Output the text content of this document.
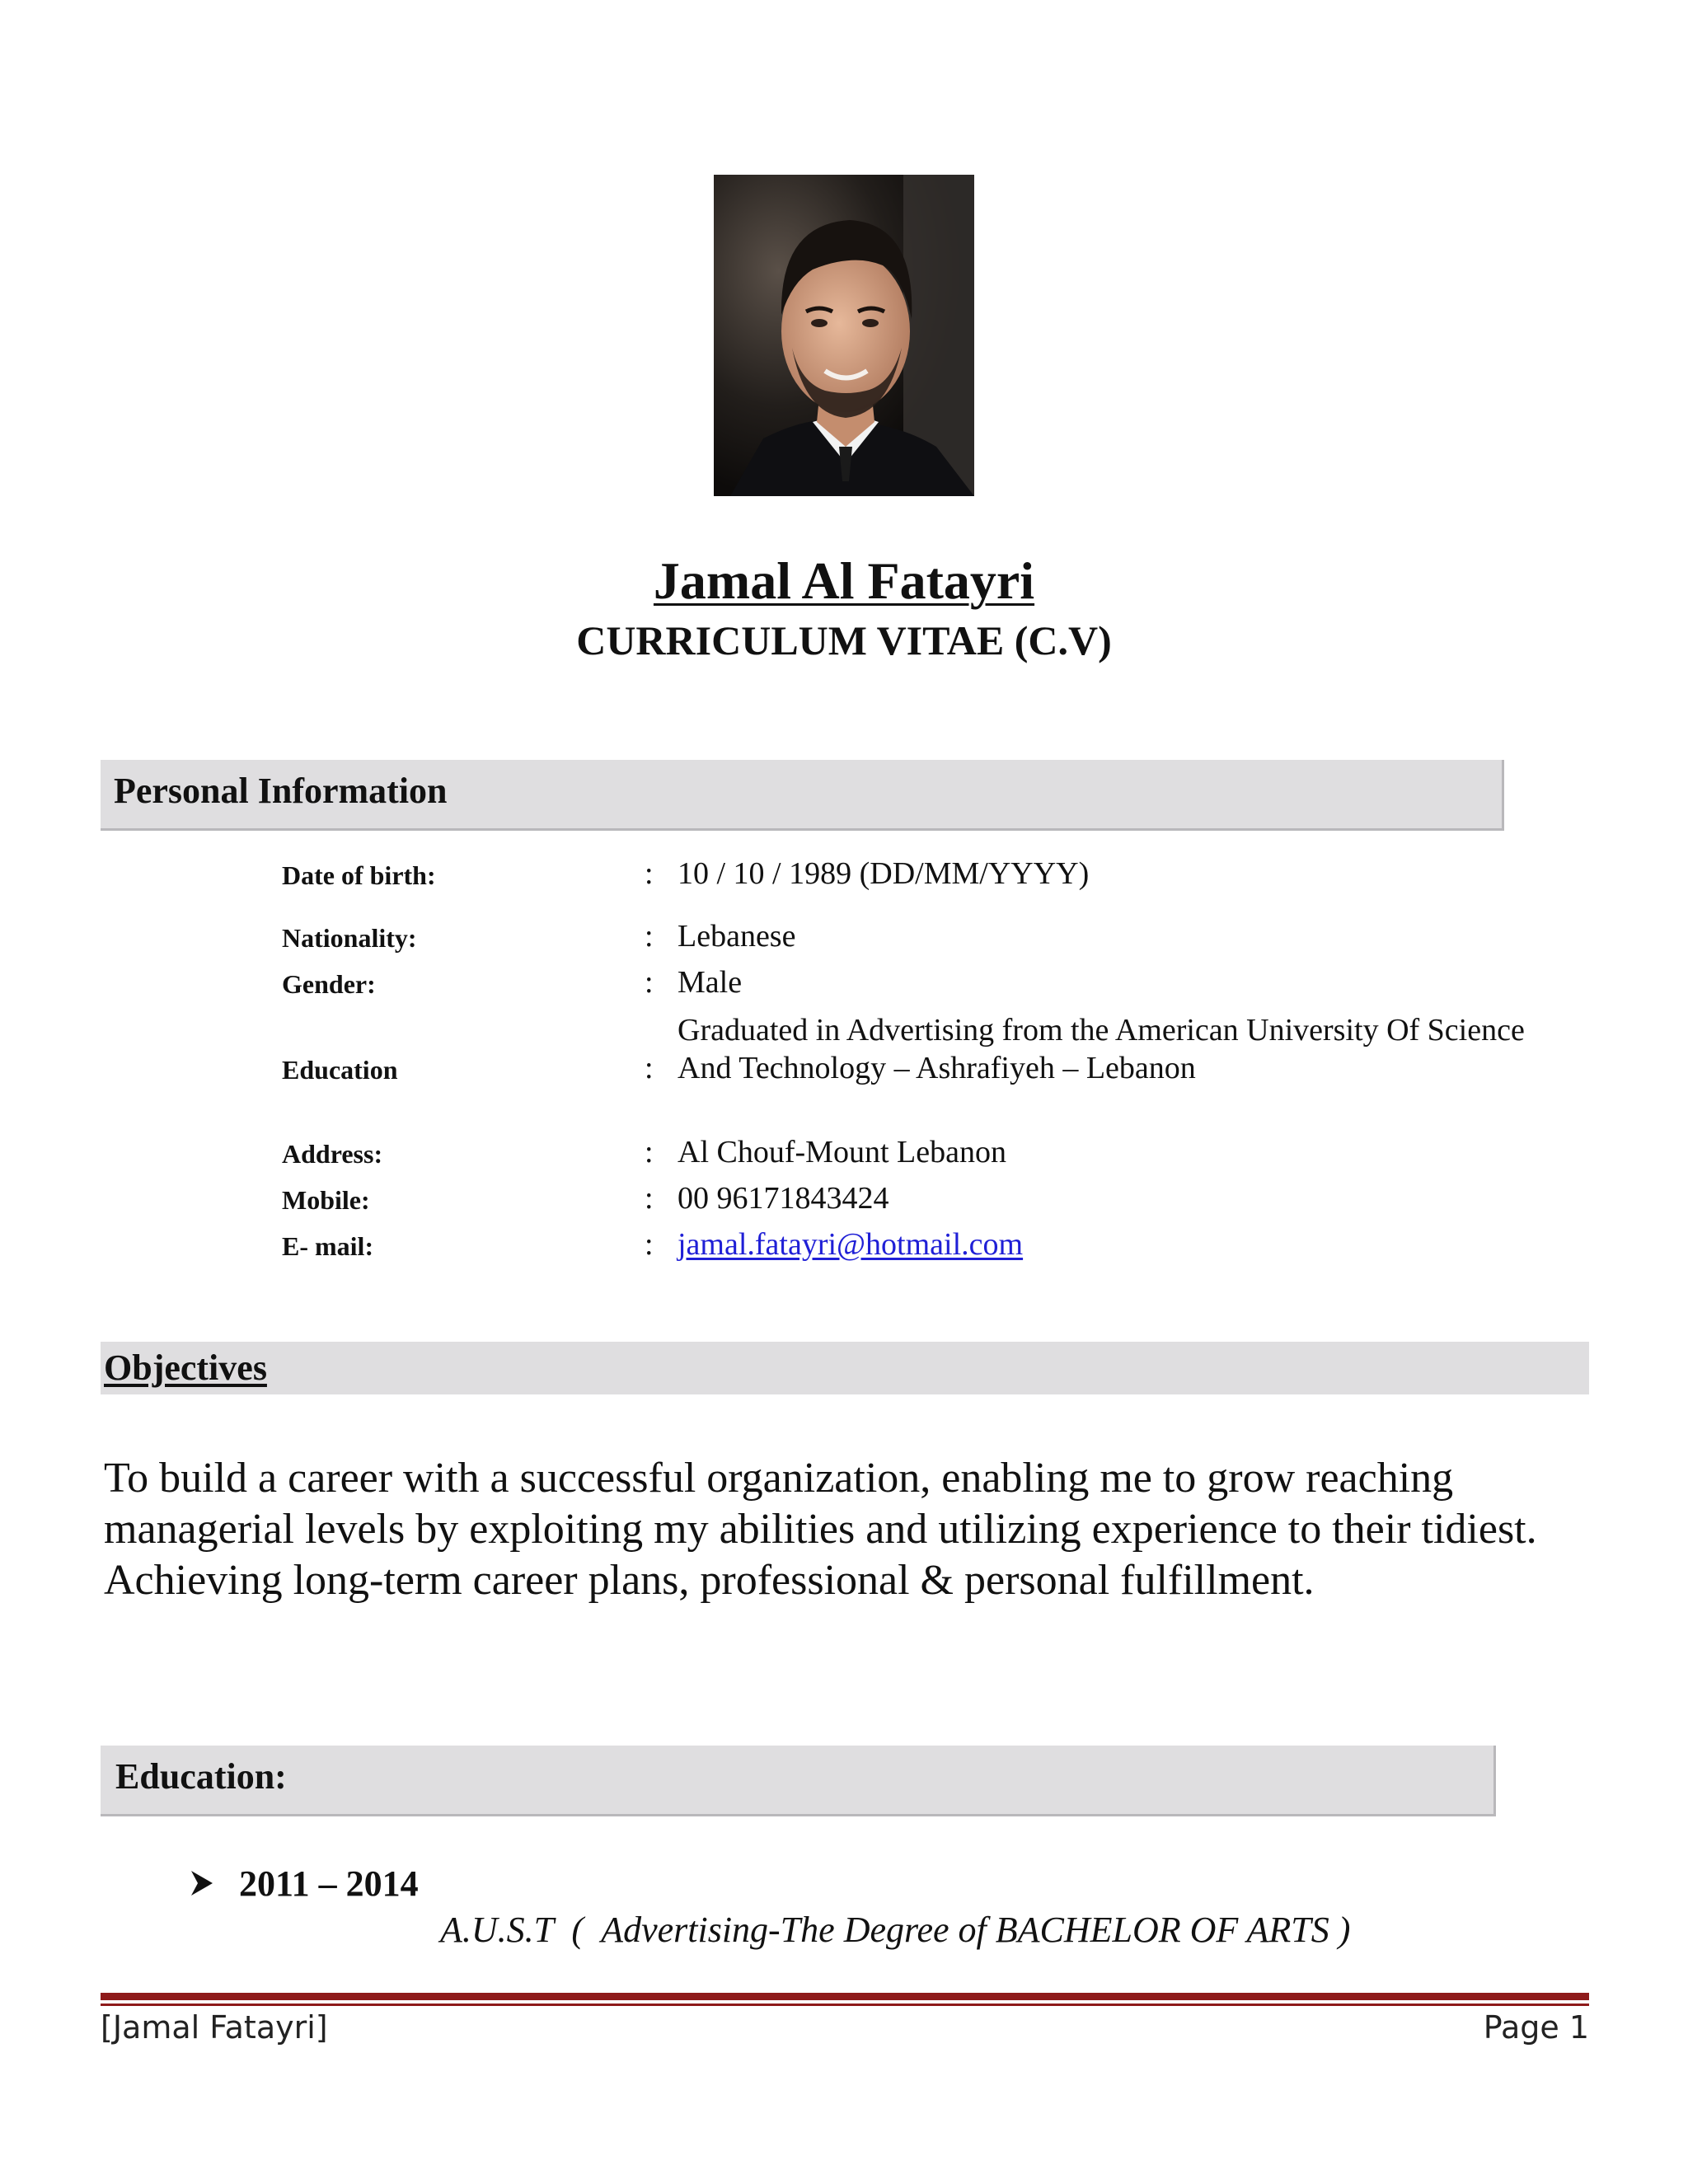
Jamal Al Fatayri
CURRICULUM VITAE (C.V)
Personal Information
Date of birth:	: 10 / 10 / 1989 (DD/MM/YYYY)
Nationality:	: Lebanese
Gender:	: Male
Education	:
Graduated in Advertising from the American University Of Science
And Technology – Ashrafiyeh – Lebanon
Address:	: Al Chouf-Mount Lebanon
Mobile:	: 00 96171843424
E- mail:	: jamal.fatayri@hotmail.com
Objectives
To build a career with a successful organization, enabling me to grow reaching
managerial levels by exploiting my abilities and utilizing experience to their tidiest.
Achieving long-term career plans, professional & personal fulfillment.
Education:
2011 – 2014
A.U.S.T  (  Advertising-The Degree of BACHELOR OF ARTS )
[Jamal Fatayri]	Page 1
